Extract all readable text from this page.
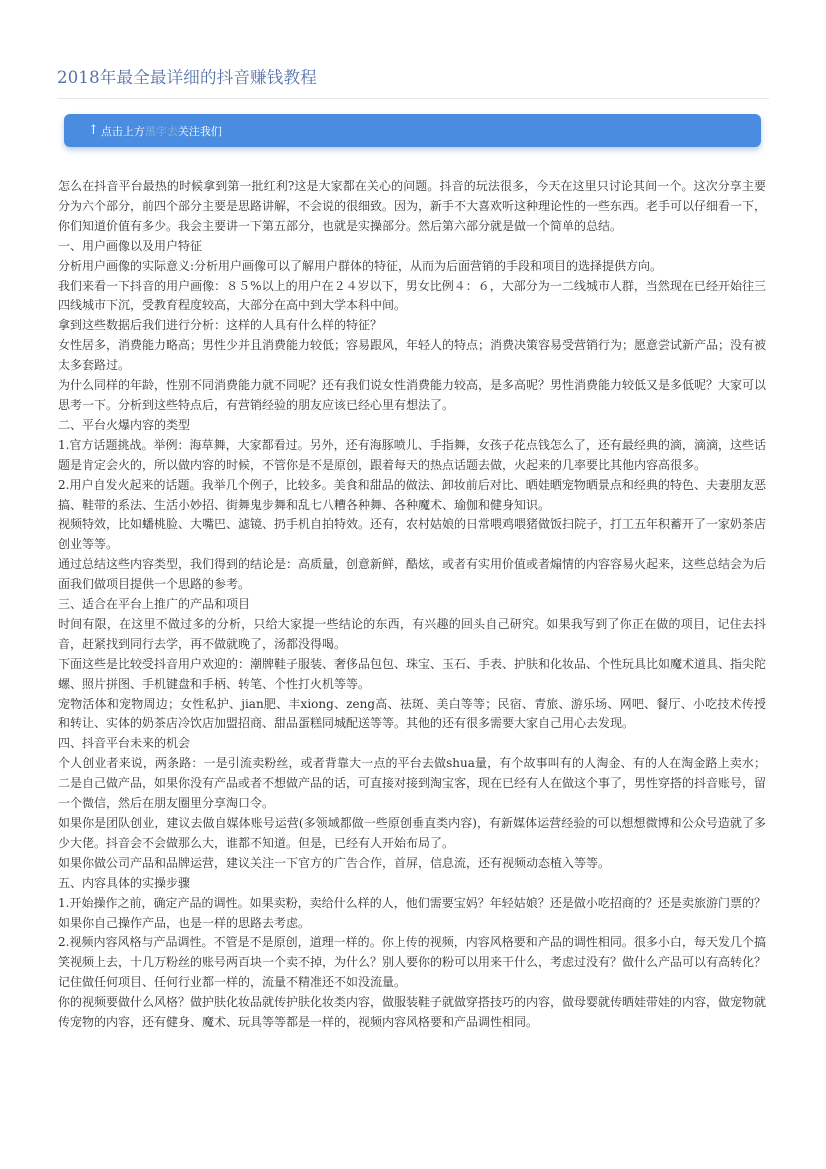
2018年最全最详细的抖音赚钱教程
↑ 点击上方 黑字去 关注我们

怎么在抖音平台最热的时候拿到第一批红利?这是大家都在关心的问题。抖音的玩法很多，今天在这里只讨论其间一个。这次分享主要分为六个部分，前四个部分主要是思路讲解，不会说的很细致。因为，新手不大喜欢听这种理论性的一些东西。老手可以仔细看一下，你们知道价值有多少。我会主要讲一下第五部分，也就是实操部分。然后第六部分就是做一个简单的总结。

一、用户画像以及用户特征

分析用户画像的实际意义:分析用户画像可以了解用户群体的特征，从而为后面营销的手段和项目的选择提供方向。

我们来看一下抖音的用户画像：８５%以上的用户在２４岁以下，男女比例４：６，大部分为一二线城市人群，当然现在已经开始往三四线城市下沉，受教育程度较高，大部分在高中到大学本科中间。

拿到这些数据后我们进行分析：这样的人具有什么样的特征？

女性居多，消费能力略高；男性少并且消费能力较低；容易跟风，年轻人的特点；消费决策容易受营销行为；愿意尝试新产品；没有被太多套路过。

为什么同样的年龄，性别不同消费能力就不同呢？还有我们说女性消费能力较高，是多高呢？男性消费能力较低又是多低呢？大家可以思考一下。分析到这些特点后，有营销经验的朋友应该已经心里有想法了。

二、平台火爆内容的类型

1.官方话题挑战。举例：海草舞，大家都看过。另外，还有海豚喷儿、手指舞，女孩子花点钱怎么了，还有最经典的滴，滴滴，这些话题是肯定会火的，所以做内容的时候，不管你是不是原创，跟着每天的热点话题去做，火起来的几率要比其他内容高很多。

2.用户自发火起来的话题。我举几个例子，比较多。美食和甜品的做法、卸妆前后对比、晒娃晒宠物晒景点和经典的特色、夫妻朋友恶搞、鞋带的系法、生活小妙招、街舞鬼步舞和乱七八糟各种舞、各种魔术、瑜伽和健身知识。

视频特效，比如蟠桃脸、大嘴巴、滤镜、扔手机自拍特效。还有，农村姑娘的日常喂鸡喂猪做饭扫院子，打工五年积蓄开了一家奶茶店创业等等。

通过总结这些内容类型，我们得到的结论是：高质量，创意新鲜，酷炫，或者有实用价值或者煽情的内容容易火起来，这些总结会为后面我们做项目提供一个思路的参考。

三、适合在平台上推广的产品和项目

时间有限，在这里不做过多的分析，只给大家提一些结论的东西，有兴趣的回头自己研究。如果我写到了你正在做的项目，记住去抖音，赶紧找到同行去学，再不做就晚了，汤都没得喝。

下面这些是比较受抖音用户欢迎的：潮牌鞋子服装、奢侈品包包、珠宝、玉石、手表、护肤和化妆品、个性玩具比如魔术道具、指尖陀螺、照片拼图、手机键盘和手柄、转笔、个性打火机等等。

宠物活体和宠物周边；女性私护、jian肥、丰xiong、zeng高、祛斑、美白等等；民宿、青旅、游乐场、网吧、餐厅、小吃技术传授和转让、实体的奶茶店冷饮店加盟招商、甜品蛋糕同城配送等等。其他的还有很多需要大家自己用心去发现。

四、抖音平台未来的机会

个人创业者来说，两条路：一是引流卖粉丝，或者背靠大一点的平台去做shua量，有个故事叫有的人淘金、有的人在淘金路上卖水；二是自己做产品，如果你没有产品或者不想做产品的话，可直接对接到淘宝客，现在已经有人在做这个事了，男性穿搭的抖音账号，留一个微信，然后在朋友圈里分享淘口令。

如果你是团队创业，建议去做自媒体账号运营(多领域都做一些原创垂直类内容)，有新媒体运营经验的可以想想微博和公众号造就了多少大佬。抖音会不会做那么大，谁都不知道。但是，已经有人开始布局了。

如果你做公司产品和品牌运营，建议关注一下官方的广告合作，首屏，信息流，还有视频动态植入等等。

五、内容具体的实操步骤

1.开始操作之前，确定产品的调性。如果卖粉，卖给什么样的人，他们需要宝妈？年轻姑娘？还是做小吃招商的？还是卖旅游门票的？如果你自己操作产品，也是一样的思路去考虑。

2.视频内容风格与产品调性。不管是不是原创，道理一样的。你上传的视频，内容风格要和产品的调性相同。很多小白，每天发几个搞笑视频上去，十几万粉丝的账号两百块一个卖不掉，为什么？别人要你的粉可以用来干什么，考虑过没有？做什么产品可以有高转化？记住做任何项目、任何行业都一样的，流量不精准还不如没流量。

你的视频要做什么风格？做护肤化妆品就传护肤化妆类内容，做服装鞋子就做穿搭技巧的内容，做母婴就传晒娃带娃的内容，做宠物就传宠物的内容，还有健身、魔术、玩具等等都是一样的，视频内容风格要和产品调性相同。
